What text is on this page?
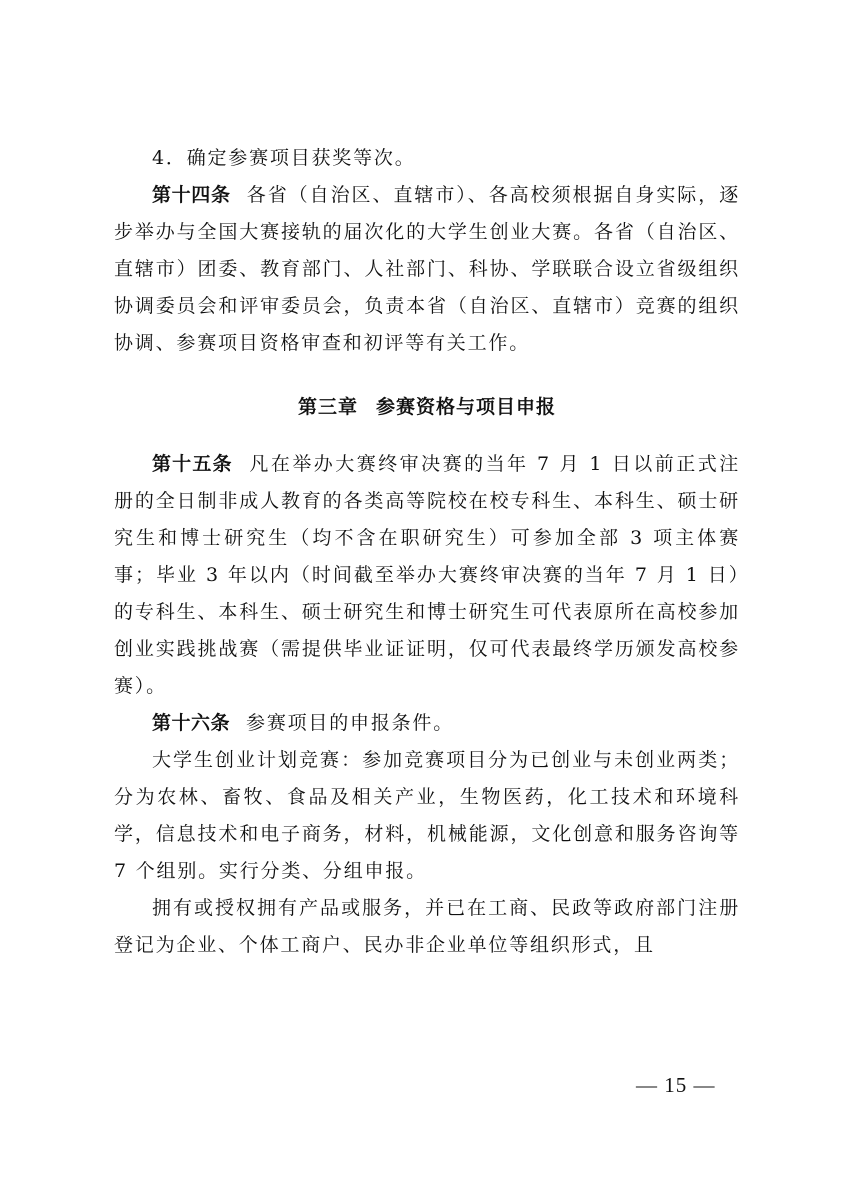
4．确定参赛项目获奖等次。

第十四条 各省（自治区、直辖市）、各高校须根据自身实际，逐步举办与全国大赛接轨的届次化的大学生创业大赛。各省（自治区、直辖市）团委、教育部门、人社部门、科协、学联联合设立省级组织协调委员会和评审委员会，负责本省（自治区、直辖市）竞赛的组织协调、参赛项目资格审查和初评等有关工作。

第三章 参赛资格与项目申报

第十五条 凡在举办大赛终审决赛的当年 7 月 1 日以前正式注册的全日制非成人教育的各类高等院校在校专科生、本科生、硕士研究生和博士研究生（均不含在职研究生）可参加全部 3 项主体赛事；毕业 3 年以内（时间截至举办大赛终审决赛的当年 7 月 1 日）的专科生、本科生、硕士研究生和博士研究生可代表原所在高校参加创业实践挑战赛（需提供毕业证证明，仅可代表最终学历颁发高校参赛）。

第十六条 参赛项目的申报条件。

大学生创业计划竞赛：参加竞赛项目分为已创业与未创业两类；分为农林、畜牧、食品及相关产业，生物医药，化工技术和环境科学，信息技术和电子商务，材料，机械能源，文化创意和服务咨询等 7 个组别。实行分类、分组申报。

拥有或授权拥有产品或服务，并已在工商、民政等政府部门注册登记为企业、个体工商户、民办非企业单位等组织形式，且

— 15 —
